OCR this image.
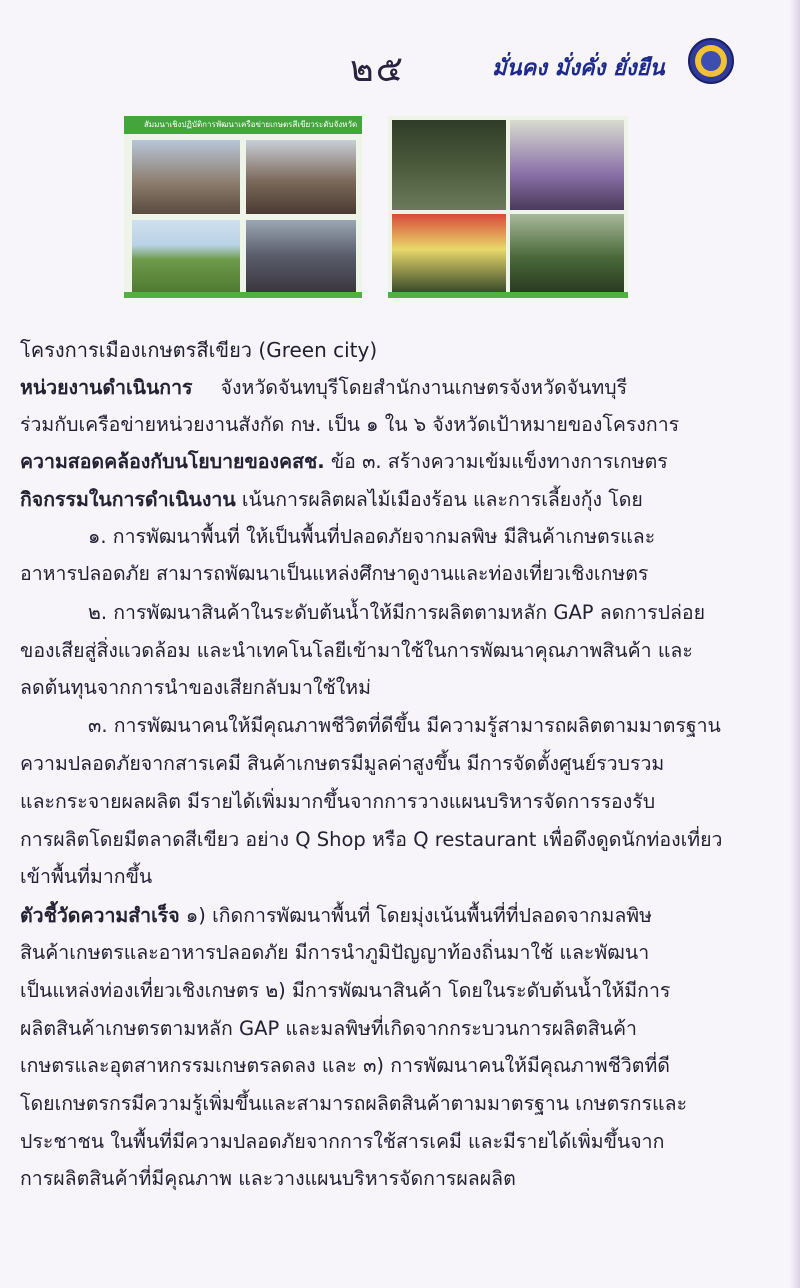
๒๕	มั่นคง มั่งคั่ง ยั่งยืน
สัมมนาเชิงปฏิบัติการพัฒนาเครือข่ายเกษตรสีเขียวระดับจังหวัด
โครงการเมืองเกษตรสีเขียว (Green city)
หน่วยงานดำเนินการ จังหวัดจันทบุรีโดยสำนักงานเกษตรจังหวัดจันทบุรี
ร่วมกับเครือข่ายหน่วยงานสังกัด กษ. เป็น ๑ ใน ๖ จังหวัดเป้าหมายของโครงการ
ความสอดคล้องกับนโยบายของคสช. ข้อ ๓. สร้างความเข้มแข็งทางการเกษตร
กิจกรรมในการดำเนินงาน เน้นการผลิตผลไม้เมืองร้อน และการเลี้ยงกุ้ง โดย
๑. การพัฒนาพื้นที่ ให้เป็นพื้นที่ปลอดภัยจากมลพิษ มีสินค้าเกษตรและ
อาหารปลอดภัย สามารถพัฒนาเป็นแหล่งศึกษาดูงานและท่องเที่ยวเชิงเกษตร
๒. การพัฒนาสินค้าในระดับต้นน้ำให้มีการผลิตตามหลัก GAP ลดการปล่อย
ของเสียสู่สิ่งแวดล้อม และนำเทคโนโลยีเข้ามาใช้ในการพัฒนาคุณภาพสินค้า และ
ลดต้นทุนจากการนำของเสียกลับมาใช้ใหม่
๓. การพัฒนาคนให้มีคุณภาพชีวิตที่ดีขึ้น มีความรู้สามารถผลิตตามมาตรฐาน
ความปลอดภัยจากสารเคมี สินค้าเกษตรมีมูลค่าสูงขึ้น มีการจัดตั้งศูนย์รวบรวม
และกระจายผลผลิต มีรายได้เพิ่มมากขึ้นจากการวางแผนบริหารจัดการรองรับ
การผลิตโดยมีตลาดสีเขียว อย่าง Q Shop หรือ Q restaurant เพื่อดึงดูดนักท่องเที่ยว
เข้าพื้นที่มากขึ้น
ตัวชี้วัดความสำเร็จ ๑) เกิดการพัฒนาพื้นที่ โดยมุ่งเน้นพื้นที่ที่ปลอดจากมลพิษ
สินค้าเกษตรและอาหารปลอดภัย มีการนำภูมิปัญญาท้องถิ่นมาใช้ และพัฒนา
เป็นแหล่งท่องเที่ยวเชิงเกษตร ๒) มีการพัฒนาสินค้า โดยในระดับต้นน้ำให้มีการ
ผลิตสินค้าเกษตรตามหลัก GAP และมลพิษที่เกิดจากกระบวนการผลิตสินค้า
เกษตรและอุตสาหกรรมเกษตรลดลง และ ๓) การพัฒนาคนให้มีคุณภาพชีวิตที่ดี
โดยเกษตรกรมีความรู้เพิ่มขึ้นและสามารถผลิตสินค้าตามมาตรฐาน เกษตรกรและ
ประชาชน ในพื้นที่มีความปลอดภัยจากการใช้สารเคมี และมีรายได้เพิ่มขึ้นจาก
การผลิตสินค้าที่มีคุณภาพ และวางแผนบริหารจัดการผลผลิต
